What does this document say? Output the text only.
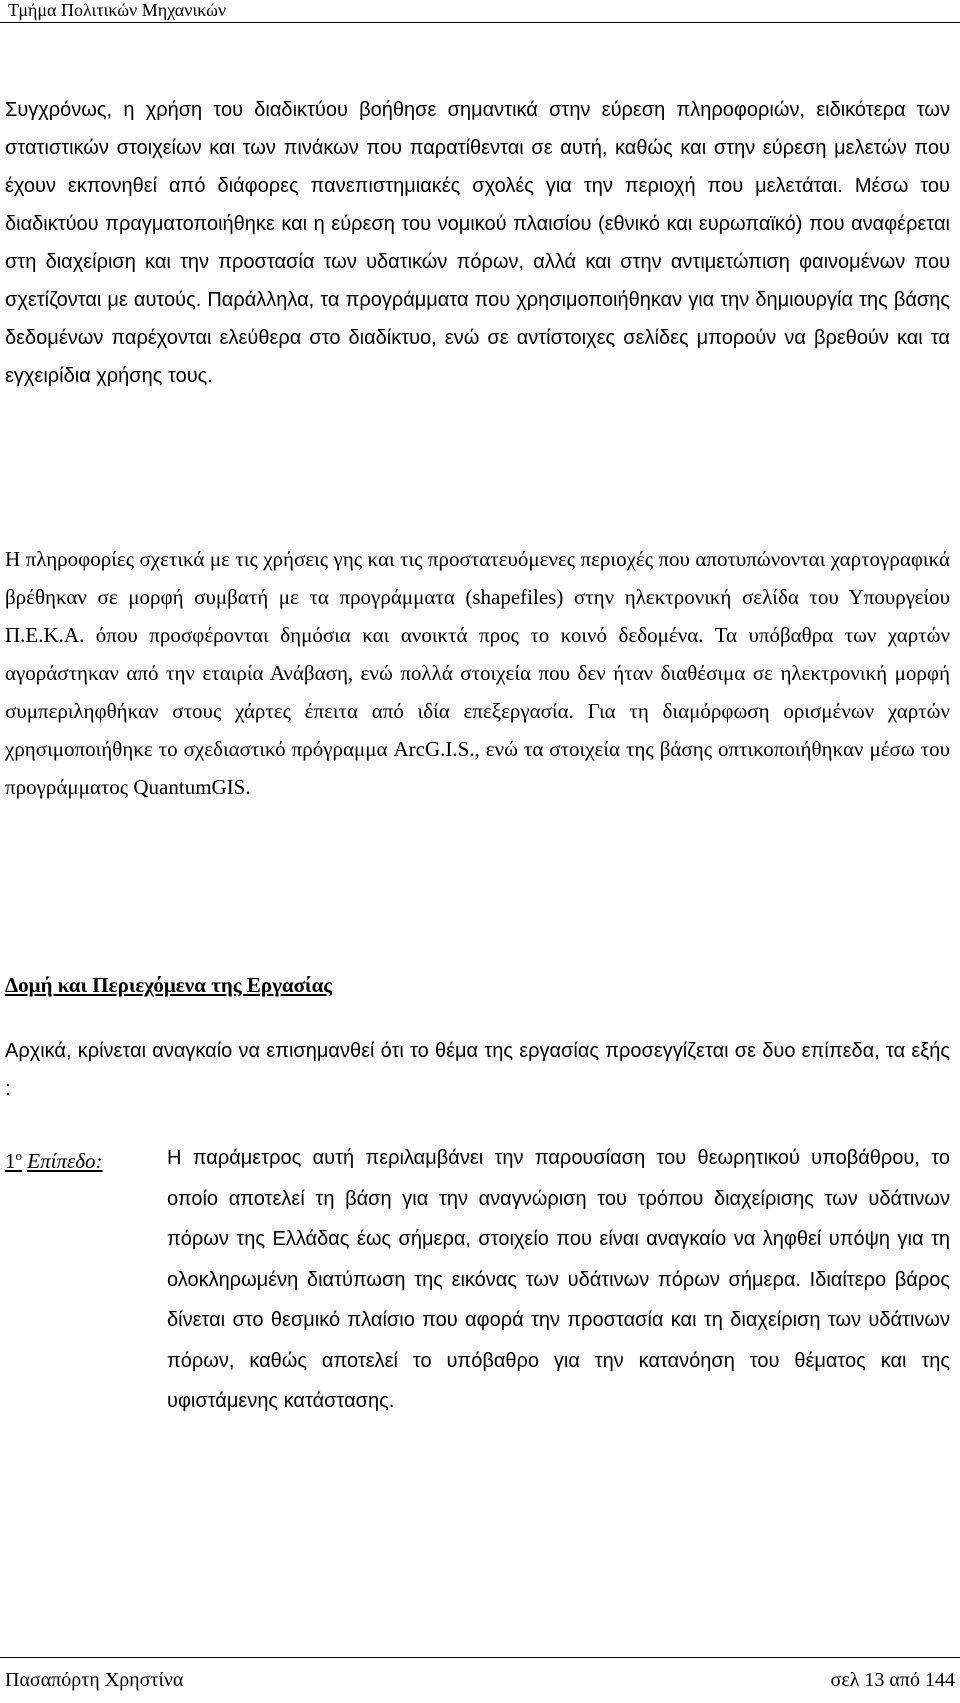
Τμήμα Πολιτικών Μηχανικών

Συγχρόνως, η χρήση του διαδικτύου βοήθησε σημαντικά στην εύρεση πληροφοριών, ειδικότερα των στατιστικών στοιχείων και των πινάκων που παρατίθενται σε αυτή, καθώς και στην εύρεση μελετών που έχουν εκπονηθεί από διάφορες πανεπιστημιακές σχολές για την περιοχή που μελετάται. Μέσω του διαδικτύου πραγματοποιήθηκε και η εύρεση του νομικού πλαισίου (εθνικό και ευρωπαϊκό) που αναφέρεται στη διαχείριση και την προστασία των υδατικών πόρων, αλλά και στην αντιμετώπιση φαινομένων που σχετίζονται με αυτούς. Παράλληλα, τα προγράμματα που χρησιμοποιήθηκαν για την δημιουργία της βάσης δεδομένων παρέχονται ελεύθερα στο διαδίκτυο, ενώ σε αντίστοιχες σελίδες μπορούν να βρεθούν και τα εγχειρίδια χρήσης τους.

Η πληροφορίες σχετικά με τις χρήσεις γης και τις προστατευόμενες περιοχές που αποτυπώνονται χαρτογραφικά βρέθηκαν σε μορφή συμβατή με τα προγράμματα (shapefiles) στην ηλεκτρονική σελίδα του Υπουργείου Π.Ε.Κ.Α. όπου προσφέρονται δημόσια και ανοικτά προς το κοινό δεδομένα. Τα υπόβαθρα των χαρτών αγοράστηκαν από την εταιρία Ανάβαση, ενώ πολλά στοιχεία που δεν ήταν διαθέσιμα σε ηλεκτρονική μορφή συμπεριληφθήκαν στους χάρτες έπειτα από ιδία επεξεργασία. Για τη διαμόρφωση ορισμένων χαρτών χρησιμοποιήθηκε το σχεδιαστικό πρόγραμμα ArcG.I.S., ενώ τα στοιχεία της βάσης οπτικοποιήθηκαν μέσω του προγράμματος QuantumGIS.

Δομή και Περιεχόμενα της Εργασίας

Αρχικά, κρίνεται αναγκαίο να επισημανθεί ότι το θέμα της εργασίας προσεγγίζεται σε δυο επίπεδα, τα εξής :

$1^o$ Επίπεδο:	Η παράμετρος αυτή περιλαμβάνει την παρουσίαση του θεωρητικού υποβάθρου, το οποίο αποτελεί τη βάση για την αναγνώριση του τρόπου διαχείρισης των υδάτινων πόρων της Ελλάδας έως σήμερα, στοιχείο που είναι αναγκαίο να ληφθεί υπόψη για τη ολοκληρωμένη διατύπωση της εικόνας των υδάτινων πόρων σήμερα. Ιδιαίτερο βάρος δίνεται στο θεσμικό πλαίσιο που αφορά την προστασία και τη διαχείριση των υδάτινων πόρων, καθώς αποτελεί το υπόβαθρο για την κατανόηση του θέματος και της υφιστάμενης κατάστασης.

Πασαπόρτη Χρηστίνα	σελ 13 από 144
